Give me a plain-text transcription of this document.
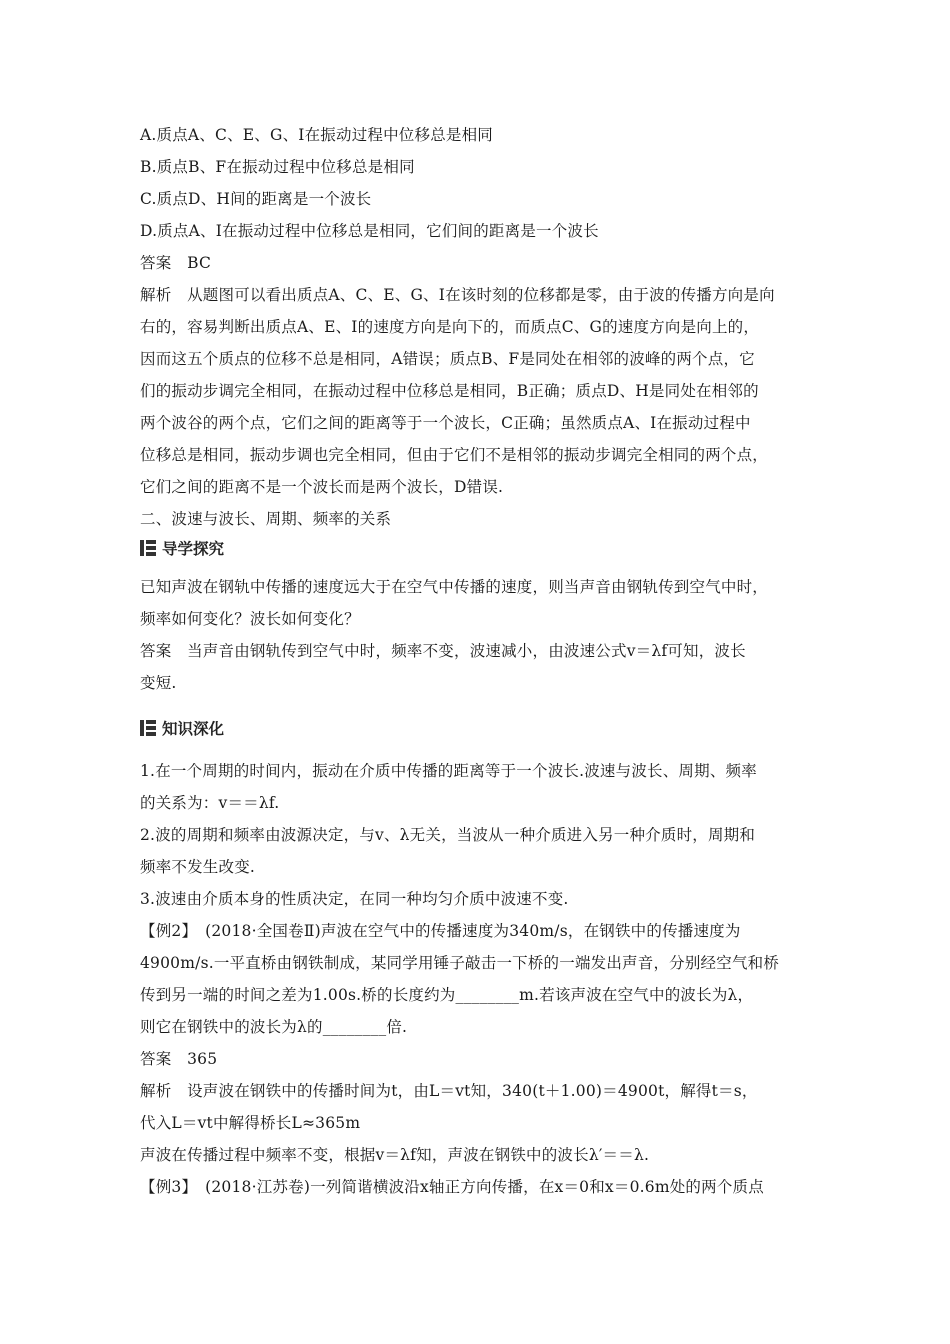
A.质点A、C、E、G、I在振动过程中位移总是相同
B.质点B、F在振动过程中位移总是相同
C.质点D、H间的距离是一个波长
D.质点A、I在振动过程中位移总是相同，它们间的距离是一个波长
答案　BC
解析　从题图可以看出质点A、C、E、G、I在该时刻的位移都是零，由于波的传播方向是向
右的，容易判断出质点A、E、I的速度方向是向下的，而质点C、G的速度方向是向上的，
因而这五个质点的位移不总是相同，A错误；质点B、F是同处在相邻的波峰的两个点，它
们的振动步调完全相同，在振动过程中位移总是相同，B正确；质点D、H是同处在相邻的
两个波谷的两个点，它们之间的距离等于一个波长，C正确；虽然质点A、I在振动过程中
位移总是相同，振动步调也完全相同，但由于它们不是相邻的振动步调完全相同的两个点，
它们之间的距离不是一个波长而是两个波长，D错误.
二、波速与波长、周期、频率的关系
导学探究
已知声波在钢轨中传播的速度远大于在空气中传播的速度，则当声音由钢轨传到空气中时，
频率如何变化？波长如何变化？
答案　当声音由钢轨传到空气中时，频率不变，波速减小，由波速公式v＝λf可知，波长
变短.
知识深化
1.在一个周期的时间内，振动在介质中传播的距离等于一个波长.波速与波长、周期、频率
的关系为：v＝＝λf.
2.波的周期和频率由波源决定，与v、λ无关，当波从一种介质进入另一种介质时，周期和
频率不发生改变.
3.波速由介质本身的性质决定，在同一种均匀介质中波速不变.
【例2】　(2018·全国卷Ⅱ)声波在空气中的传播速度为340m/s，在钢铁中的传播速度为
4900m/s.一平直桥由钢铁制成，某同学用锤子敲击一下桥的一端发出声音，分别经空气和桥
传到另一端的时间之差为1.00s.桥的长度约为________m.若该声波在空气中的波长为λ，
则它在钢铁中的波长为λ的________倍.
答案　365
解析　设声波在钢铁中的传播时间为t，由L＝vt知，340(t＋1.00)＝4900t，解得t＝s，
代入L＝vt中解得桥长L≈365m
声波在传播过程中频率不变，根据v＝λf知，声波在钢铁中的波长λ′＝＝λ.
【例3】　(2018·江苏卷)一列简谐横波沿x轴正方向传播，在x＝0和x＝0.6m处的两个质点
